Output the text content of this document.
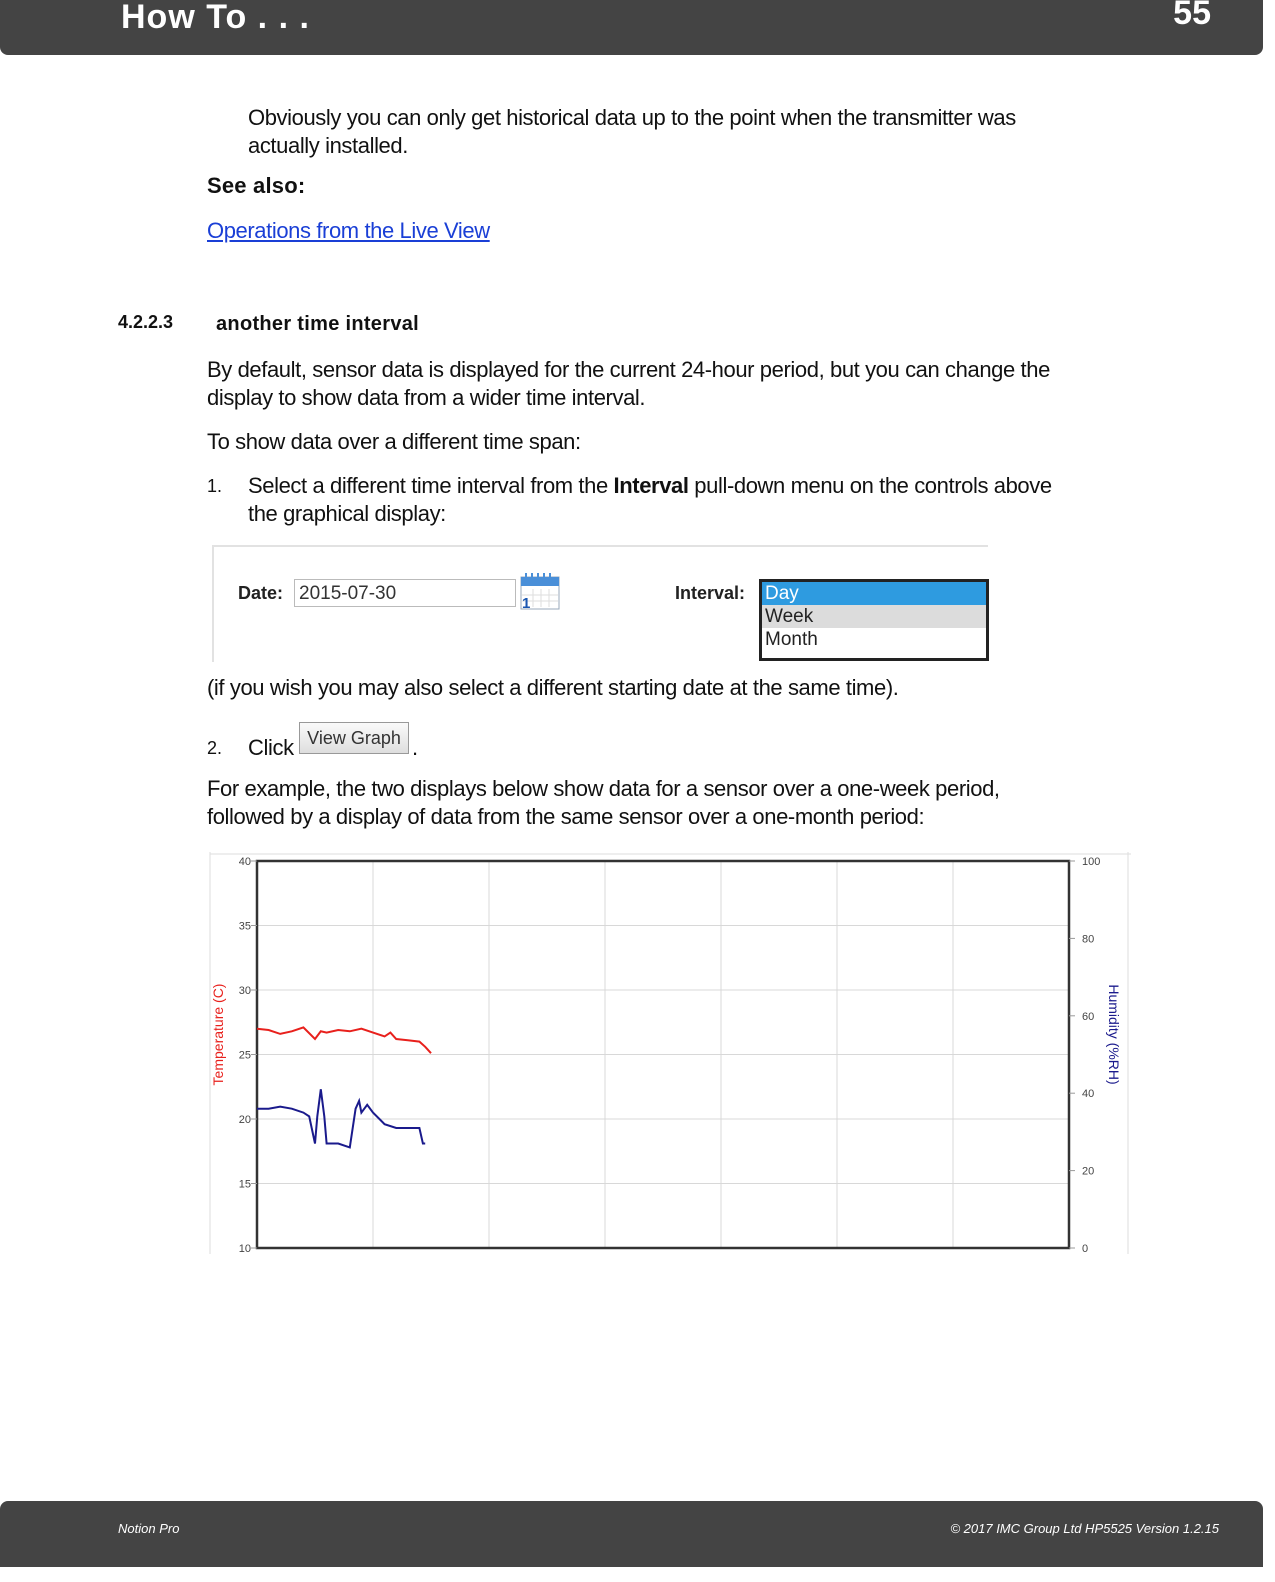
How To . . .	55
Obviously you can only get historical data up to the point when the transmitter was
actually installed.
See also:
Operations from the Live View
4.2.2.3 another time interval
By default, sensor data is displayed for the current 24-hour period, but you can change the
display to show data from a wider time interval.
To show data over a different time span:
1. Select a different time interval from the Interval pull-down menu on the controls above
the graphical display:
Date: 2015-07-30	1
Interval: Day
Week
Month
(if you wish you may also select a different starting date at the same time).
2. Click View Graph .
For example, the two displays below show data for a sensor over a one-week period,
followed by a display of data from the same sensor over a one-month period:
10
15
20
25
30
35
40
0
20
40
60
80
100
Temperature (C)	Humidity (%RH)
Notion Pro	© 2017 IMC Group Ltd HP5525 Version 1.2.15
